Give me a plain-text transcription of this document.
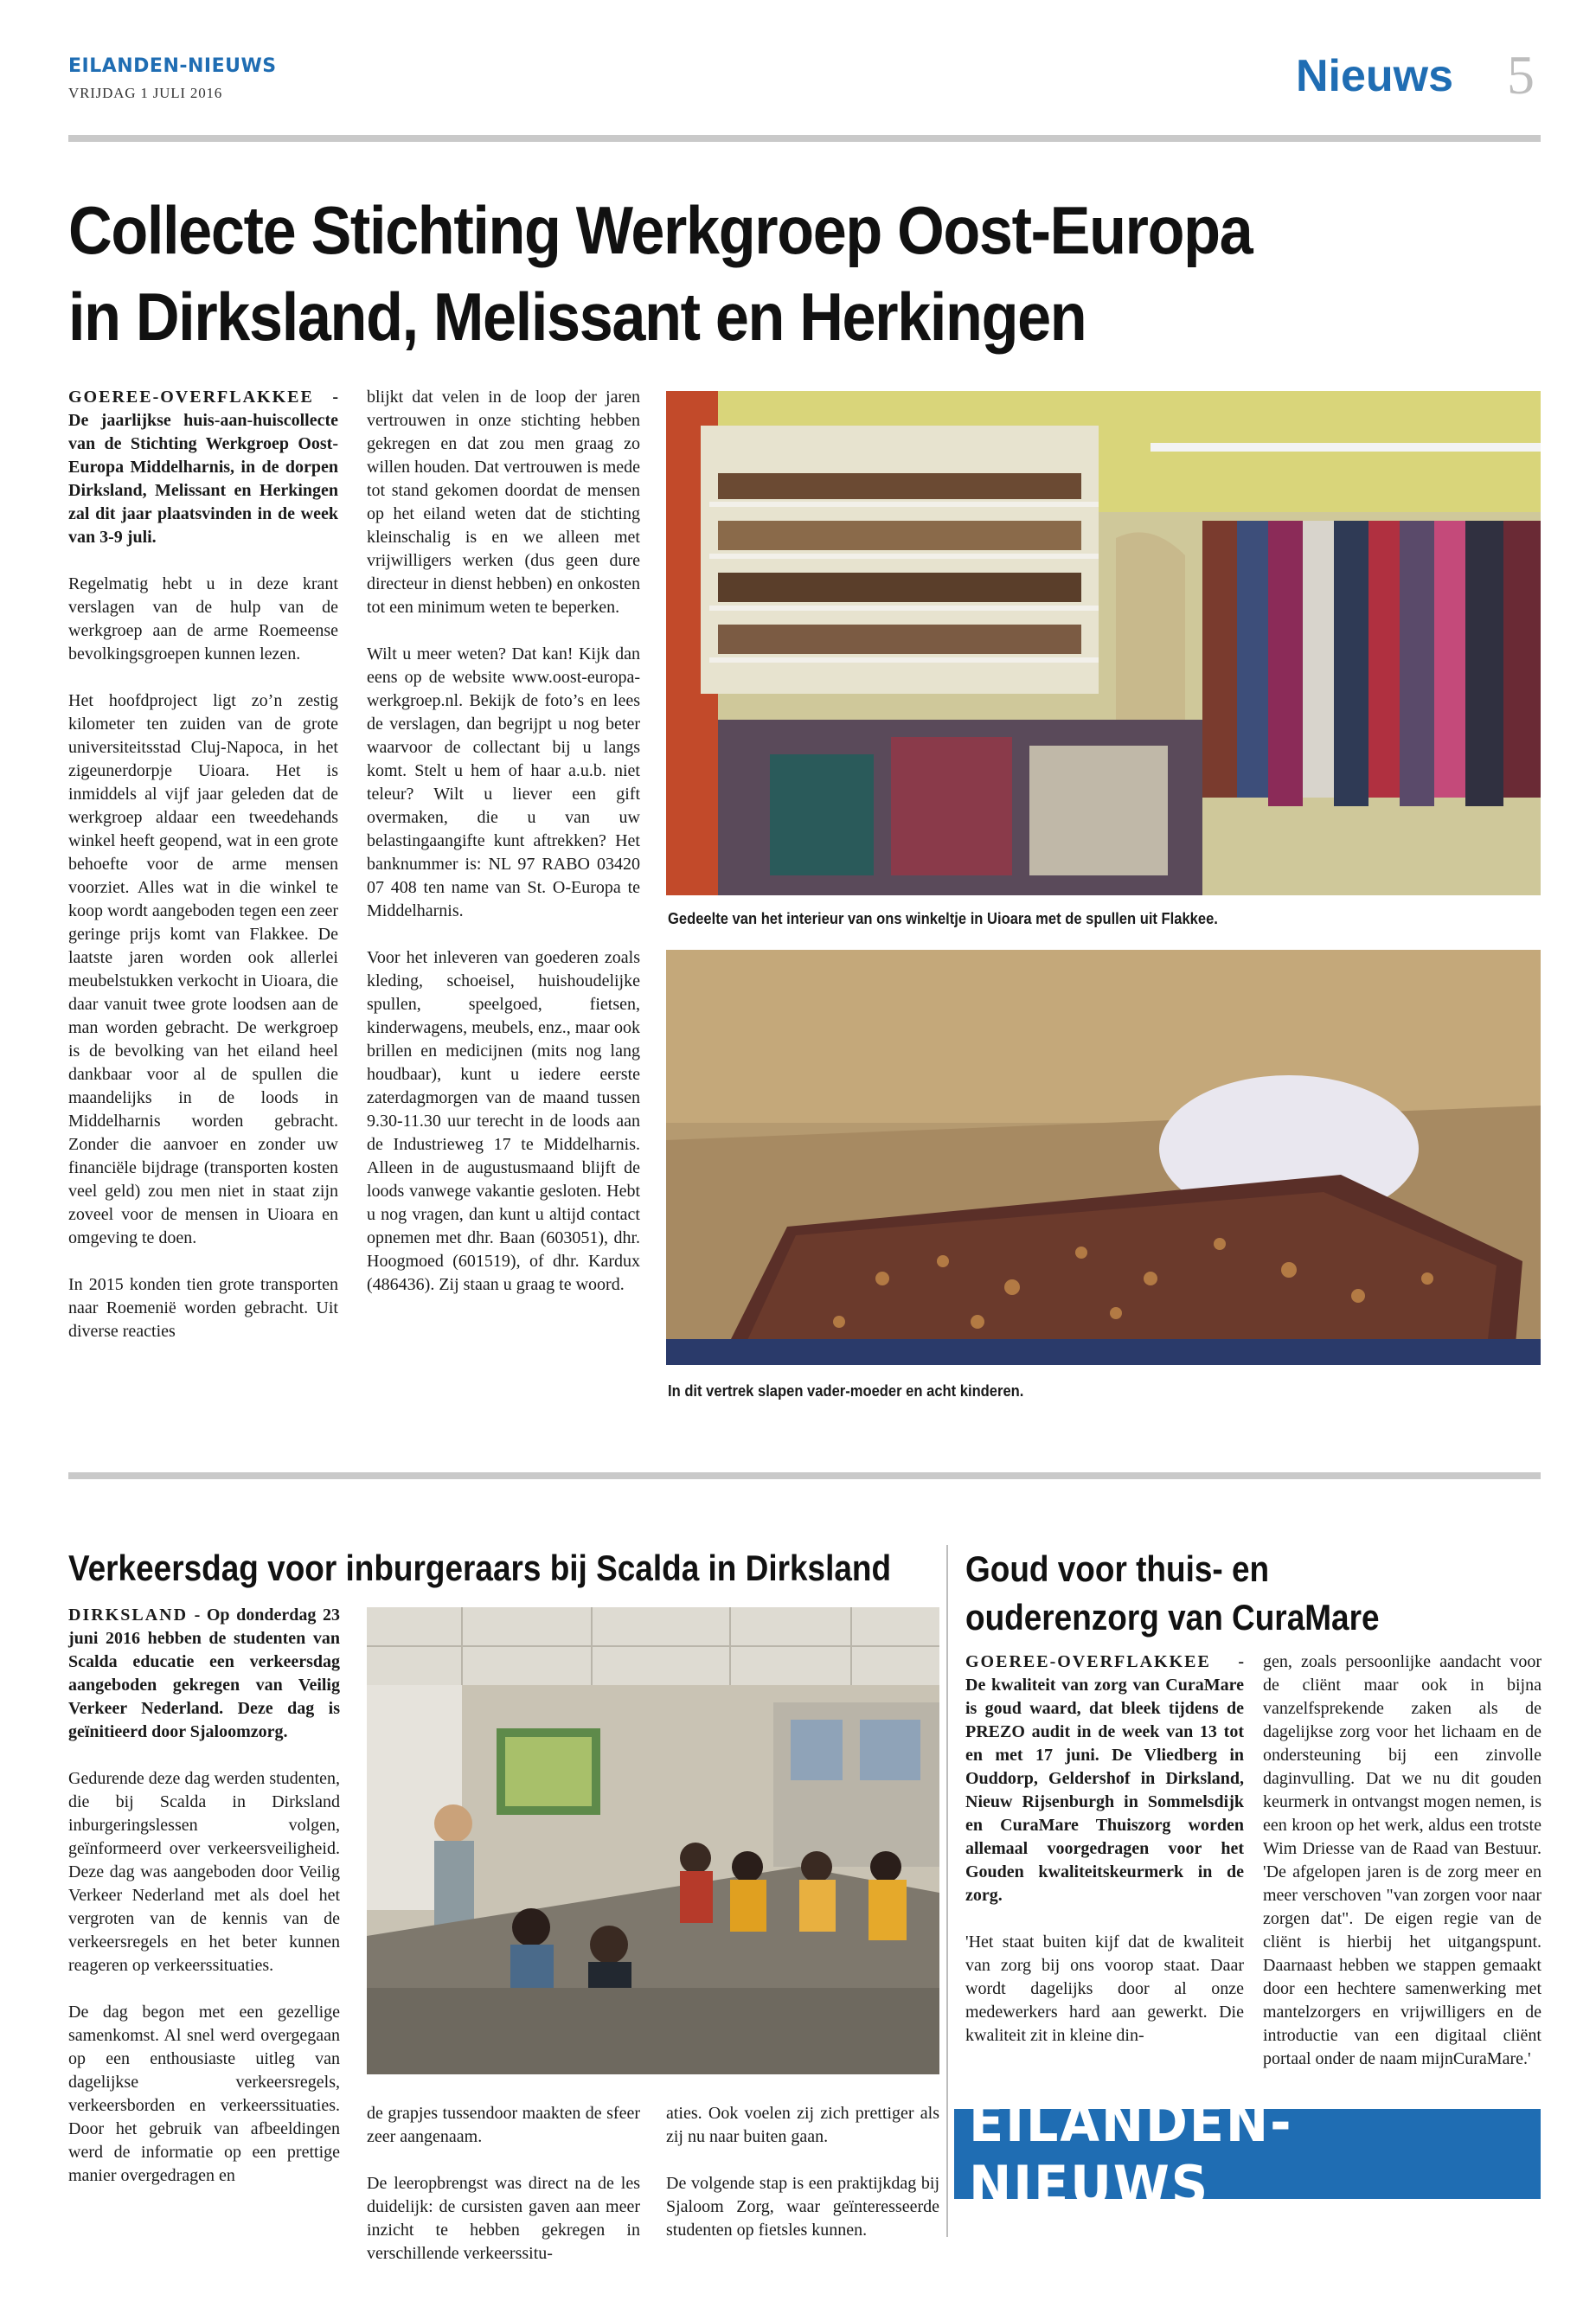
EILANDEN-NIEUWS
VRIJDAG 1 JULI 2016	Nieuws 5
Collecte Stichting Werkgroep Oost-Europa
in Dirksland, Melissant en Herkingen

GOEREE-OVERFLAKKEE - De jaarlijkse huis-aan-huiscollecte van de Stichting Werkgroep Oost-Europa Middelharnis, in de dorpen Dirksland, Melissant en Herkingen zal dit jaar plaatsvinden in de week van 3-9 juli.

Regelmatig hebt u in deze krant verslagen van de hulp van de werkgroep aan de arme Roemeense bevolkingsgroepen kunnen lezen.

Het hoofdproject ligt zo’n zestig kilometer ten zuiden van de grote universiteitsstad Cluj-Napoca, in het zigeunerdorpje Uioara. Het is inmiddels al vijf jaar geleden dat de werkgroep aldaar een tweedehands winkel heeft geopend, wat in een grote behoefte voor de arme mensen voorziet. Alles wat in die winkel te koop wordt aangeboden tegen een zeer geringe prijs komt van Flakkee. De laatste jaren worden ook allerlei meubelstukken verkocht in Uioara, die daar vanuit twee grote loodsen aan de man worden gebracht. De werkgroep is de bevolking van het eiland heel dankbaar voor al de spullen die maandelijks in de loods in Middelharnis worden gebracht. Zonder die aanvoer en zonder uw financiële bijdrage (transporten kosten veel geld) zou men niet in staat zijn zoveel voor de mensen in Uioara en omgeving te doen.

In 2015 konden tien grote transporten naar Roemenië worden gebracht. Uit diverse reacties

blijkt dat velen in de loop der jaren vertrouwen in onze stichting hebben gekregen en dat zou men graag zo willen houden. Dat vertrouwen is mede tot stand gekomen doordat de mensen op het eiland weten dat de stichting kleinschalig is en we alleen met vrijwilligers werken (dus geen dure directeur in dienst hebben) en onkosten tot een minimum weten te beperken.

Wilt u meer weten? Dat kan! Kijk dan eens op de website www.oost-europa-werkgroep.nl. Bekijk de foto’s en lees de verslagen, dan begrijpt u nog beter waarvoor de collectant bij u langs komt. Stelt u hem of haar a.u.b. niet teleur? Wilt u liever een gift overmaken, die u van uw belastingaangifte kunt aftrekken? Het banknummer is: NL 97 RABO 03420 07 408 ten name van St. O-Europa te Middelharnis.

Voor het inleveren van goederen zoals kleding, schoeisel, huishoudelijke spullen, speelgoed, fietsen, kinderwagens, meubels, enz., maar ook brillen en medicijnen (mits nog lang houdbaar), kunt u iedere eerste zaterdagmorgen van de maand tussen 9.30-11.30 uur terecht in de loods aan de Industrieweg 17 te Middelharnis. Alleen in de augustusmaand blijft de loods vanwege vakantie gesloten. Hebt u nog vragen, dan kunt u altijd contact opnemen met dhr. Baan (603051), dhr. Hoogmoed (601519), of dhr. Kardux (486436). Zij staan u graag te woord.

Gedeelte van het interieur van ons winkeltje in Uioara met de spullen uit Flakkee.
In dit vertrek slapen vader-moeder en acht kinderen.
Verkeersdag voor inburgeraars bij Scalda in Dirksland

DIRKSLAND - Op donderdag 23 juni 2016 hebben de studenten van Scalda educatie een verkeersdag aangeboden gekregen van Veilig Verkeer Nederland. Deze dag is geïnitieerd door Sjaloomzorg.

Gedurende deze dag werden studenten, die bij Scalda in Dirksland inburgeringslessen volgen, geïnformeerd over verkeersveiligheid. Deze dag was aangeboden door Veilig Verkeer Nederland met als doel het vergroten van de kennis van de verkeersregels en het beter kunnen reageren op verkeerssituaties.

De dag begon met een gezellige samenkomst. Al snel werd overgegaan op een enthousiaste uitleg van dagelijkse verkeersregels, verkeersborden en verkeerssituaties. Door het gebruik van afbeeldingen werd de informatie op een prettige manier overgedragen en

de grapjes tussendoor maakten de sfeer zeer aangenaam.

De leeropbrengst was direct na de les duidelijk: de cursisten gaven aan meer inzicht te hebben gekregen in verschillende verkeerssitu-

aties. Ook voelen zij zich prettiger als zij nu naar buiten gaan.

De volgende stap is een praktijkdag bij Sjaloom Zorg, waar geïnteresseerde studenten op fietsles kunnen.

Goud voor thuis- en
ouderenzorg van CuraMare

GOEREE-OVERFLAKKEE - De kwaliteit van zorg van CuraMare is goud waard, dat bleek tijdens de PREZO audit in de week van 13 tot en met 17 juni. De Vliedberg in Ouddorp, Geldershof in Dirksland, Nieuw Rijsenburgh in Sommelsdijk en CuraMare Thuiszorg worden allemaal voorgedragen voor het Gouden kwaliteitskeurmerk in de zorg.

'Het staat buiten kijf dat de kwaliteit van zorg bij ons voorop staat. Daar wordt dagelijks door al onze medewerkers hard aan gewerkt. Die kwaliteit zit in kleine din-

gen, zoals persoonlijke aandacht voor de cliënt maar ook in bijna vanzelfsprekende zaken als de dagelijkse zorg voor het lichaam en de ondersteuning bij een zinvolle daginvulling. Dat we nu dit gouden keurmerk in ontvangst mogen nemen, is een kroon op het werk, aldus een trotste Wim Driesse van de Raad van Bestuur. 'De afgelopen jaren is de zorg meer en meer verschoven "van zorgen voor naar zorgen dat". De eigen regie van de cliënt is hierbij het uitgangspunt. Daarnaast hebben we stappen gemaakt door een hechtere samenwerking met mantelzorgers en vrijwilligers en de introductie van een digitaal cliënt portaal onder de naam mijnCuraMare.'

EILANDEN-NIEUWS
